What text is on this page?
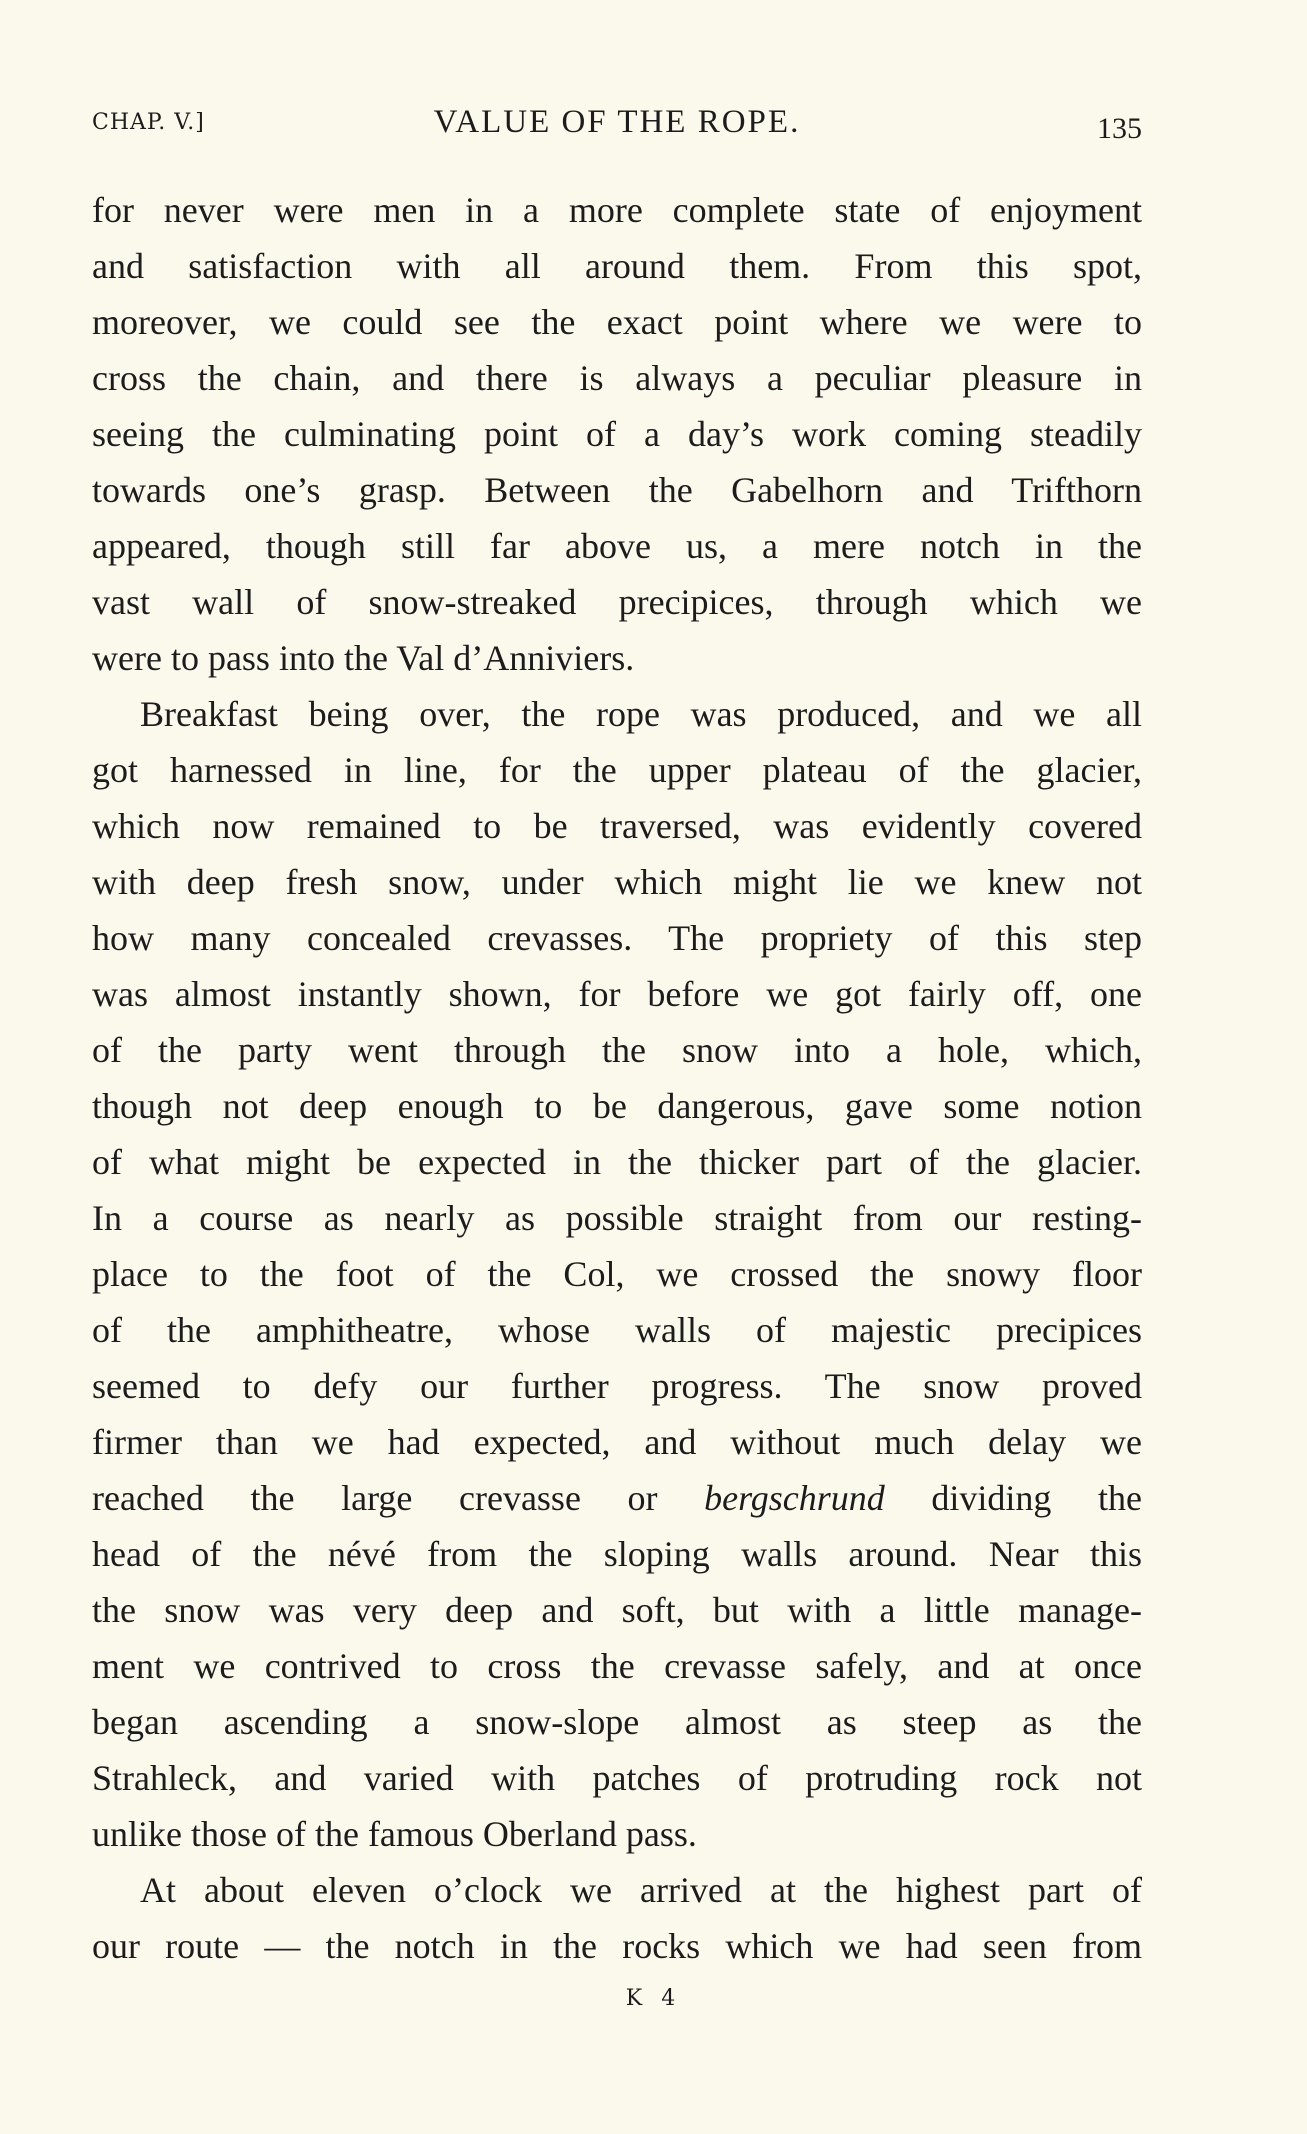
CHAP. V.]	VALUE OF THE ROPE.	135
for never were men in a more complete state of enjoyment
and satisfaction with all around them. From this spot,
moreover, we could see the exact point where we were to
cross the chain, and there is always a peculiar pleasure in
seeing the culminating point of a day’s work coming steadily
towards one’s grasp. Between the Gabelhorn and Trifthorn
appeared, though still far above us, a mere notch in the
vast wall of snow-streaked precipices, through which we
were to pass into the Val d’Anniviers.
Breakfast being over, the rope was produced, and we all
got harnessed in line, for the upper plateau of the glacier,
which now remained to be traversed, was evidently covered
with deep fresh snow, under which might lie we knew not
how many concealed crevasses. The propriety of this step
was almost instantly shown, for before we got fairly off, one
of the party went through the snow into a hole, which,
though not deep enough to be dangerous, gave some notion
of what might be expected in the thicker part of the glacier.
In a course as nearly as possible straight from our resting-
place to the foot of the Col, we crossed the snowy floor
of the amphitheatre, whose walls of majestic precipices
seemed to defy our further progress. The snow proved
firmer than we had expected, and without much delay we
reached the large crevasse or bergschrund dividing the
head of the névé from the sloping walls around. Near this
the snow was very deep and soft, but with a little manage-
ment we contrived to cross the crevasse safely, and at once
began ascending a snow-slope almost as steep as the
Strahleck, and varied with patches of protruding rock not
unlike those of the famous Oberland pass.
At about eleven o’clock we arrived at the highest part of
our route — the notch in the rocks which we had seen from
K 4
